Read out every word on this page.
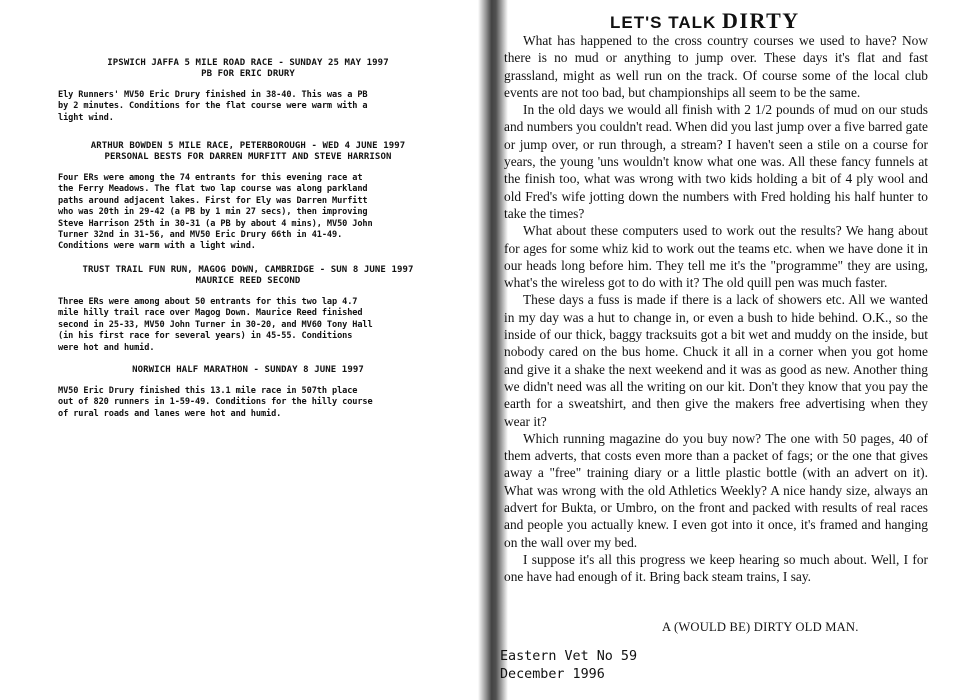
IPSWICH JAFFA 5 MILE ROAD RACE - SUNDAY 25 MAY 1997
PB FOR ERIC DRURY

Ely Runners' MV50 Eric Drury finished in 38-40. This was a PB
by 2 minutes. Conditions for the flat course were warm with a
light wind.

ARTHUR BOWDEN 5 MILE RACE, PETERBOROUGH - WED 4 JUNE 1997
PERSONAL BESTS FOR DARREN MURFITT AND STEVE HARRISON

Four ERs were among the 74 entrants for this evening race at
the Ferry Meadows. The flat two lap course was along parkland
paths around adjacent lakes. First for Ely was Darren Murfitt
who was 20th in 29-42 (a PB by 1 min 27 secs), then improving
Steve Harrison 25th in 30-31 (a PB by about 4 mins), MV50 John
Turner 32nd in 31-56, and MV50 Eric Drury 66th in 41-49.
Conditions were warm with a light wind.

TRUST TRAIL FUN RUN, MAGOG DOWN, CAMBRIDGE - SUN 8 JUNE 1997
MAURICE REED SECOND

Three ERs were among about 50 entrants for this two lap 4.7
mile hilly trail race over Magog Down. Maurice Reed finished
second in 25-33, MV50 John Turner in 30-20, and MV60 Tony Hall
(in his first race for several years) in 45-55. Conditions
were hot and humid.

NORWICH HALF MARATHON - SUNDAY 8 JUNE 1997

MV50 Eric Drury finished this 13.1 mile race in 507th place
out of 820 runners in 1-59-49. Conditions for the hilly course
of rural roads and lanes were hot and humid.

LET'S TALK DIRTY

What has happened to the cross country courses we used to have? Now there is no mud or anything to jump over. These days it's flat and fast grassland, might as well run on the track. Of course some of the local club events are not too bad, but championships all seem to be the same.

In the old days we would all finish with 2 1/2 pounds of mud on our studs and numbers you couldn't read. When did you last jump over a five barred gate or jump over, or run through, a stream? I haven't seen a stile on a course for years, the young 'uns wouldn't know what one was. All these fancy funnels at the finish too, what was wrong with two kids holding a bit of 4 ply wool and old Fred's wife jotting down the numbers with Fred holding his half hunter to take the times?

What about these computers used to work out the results? We hang about for ages for some whiz kid to work out the teams etc. when we have done it in our heads long before him. They tell me it's the "programme" they are using, what's the wireless got to do with it? The old quill pen was much faster.

These days a fuss is made if there is a lack of showers etc. All we wanted in my day was a hut to change in, or even a bush to hide behind. O.K., so the inside of our thick, baggy tracksuits got a bit wet and muddy on the inside, but nobody cared on the bus home. Chuck it all in a corner when you got home and give it a shake the next weekend and it was as good as new. Another thing we didn't need was all the writing on our kit. Don't they know that you pay the earth for a sweatshirt, and then give the makers free advertising when they wear it?

Which running magazine do you buy now? The one with 50 pages, 40 of them adverts, that costs even more than a packet of fags; or the one that gives away a "free" training diary or a little plastic bottle (with an advert on it). What was wrong with the old Athletics Weekly? A nice handy size, always an advert for Bukta, or Umbro, on the front and packed with results of real races and people you actually knew. I even got into it once, it's framed and hanging on the wall over my bed.

I suppose it's all this progress we keep hearing so much about. Well, I for one have had enough of it. Bring back steam trains, I say.

A (WOULD BE) DIRTY OLD MAN.

Eastern Vet No 59

December 1996
